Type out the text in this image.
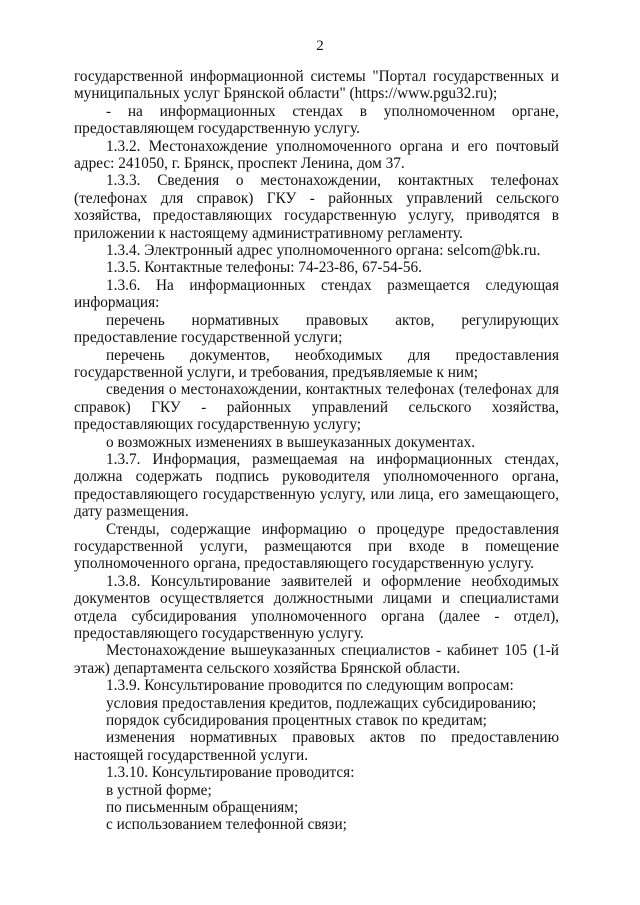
2

государственной информационной системы "Портал государственных и муниципальных услуг Брянской области" (https://www.pgu32.ru);

- на информационных стендах в уполномоченном органе, предоставляющем государственную услугу.

1.3.2. Местонахождение уполномоченного органа и его почтовый адрес: 241050, г. Брянск, проспект Ленина, дом 37.

1.3.3. Сведения о местонахождении, контактных телефонах (телефонах для справок) ГКУ - районных управлений сельского хозяйства, предоставляющих государственную услугу, приводятся в приложении к настоящему административному регламенту.

1.3.4. Электронный адрес уполномоченного органа: selcom@bk.ru.

1.3.5. Контактные телефоны: 74-23-86, 67-54-56.

1.3.6. На информационных стендах размещается следующая информация:

перечень нормативных правовых актов, регулирующих предоставление государственной услуги;

перечень документов, необходимых для предоставления государственной услуги, и требования, предъявляемые к ним;

сведения о местонахождении, контактных телефонах (телефонах для справок) ГКУ - районных управлений сельского хозяйства, предоставляющих государственную услугу;

о возможных изменениях в вышеуказанных документах.

1.3.7. Информация, размещаемая на информационных стендах, должна содержать подпись руководителя уполномоченного органа, предоставляющего государственную услугу, или лица, его замещающего, дату размещения.

Стенды, содержащие информацию о процедуре предоставления государственной услуги, размещаются при входе в помещение уполномоченного органа, предоставляющего государственную услугу.

1.3.8. Консультирование заявителей и оформление необходимых документов осуществляется должностными лицами и специалистами отдела субсидирования уполномоченного органа (далее - отдел), предоставляющего государственную услугу.

Местонахождение вышеуказанных специалистов - кабинет 105 (1-й этаж) департамента сельского хозяйства Брянской области.

1.3.9. Консультирование проводится по следующим вопросам:

условия предоставления кредитов, подлежащих субсидированию;

порядок субсидирования процентных ставок по кредитам;

изменения нормативных правовых актов по предоставлению настоящей государственной услуги.

1.3.10. Консультирование проводится:

в устной форме;

по письменным обращениям;

с использованием телефонной связи;
